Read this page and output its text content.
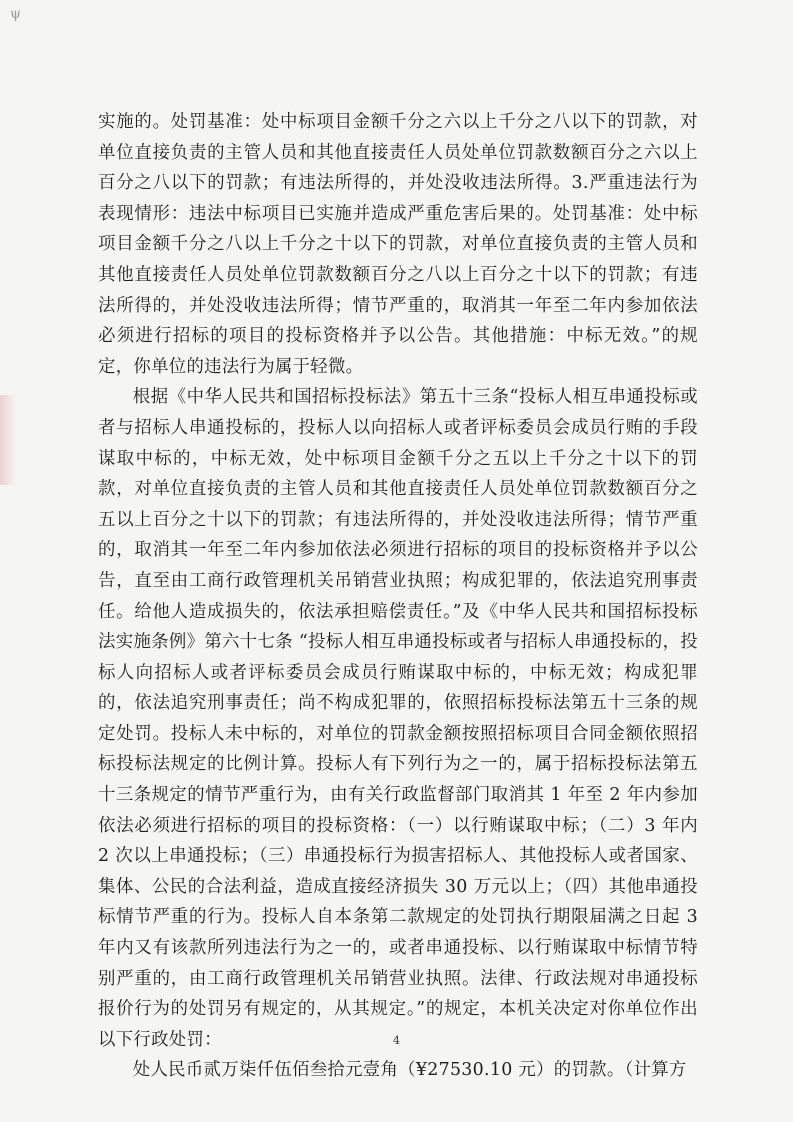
ψ

实施的。处罚基准：处中标项目金额千分之六以上千分之八以下的罚款，对单位直接负责的主管人员和其他直接责任人员处单位罚款数额百分之六以上百分之八以下的罚款；有违法所得的，并处没收违法所得。3.严重违法行为表现情形：违法中标项目已实施并造成严重危害后果的。处罚基准：处中标项目金额千分之八以上千分之十以下的罚款，对单位直接负责的主管人员和其他直接责任人员处单位罚款数额百分之八以上百分之十以下的罚款；有违法所得的，并处没收违法所得；情节严重的，取消其一年至二年内参加依法必须进行招标的项目的投标资格并予以公告。其他措施：中标无效。”的规定，你单位的违法行为属于轻微。

根据《中华人民共和国招标投标法》第五十三条“投标人相互串通投标或者与招标人串通投标的，投标人以向招标人或者评标委员会成员行贿的手段谋取中标的，中标无效，处中标项目金额千分之五以上千分之十以下的罚款，对单位直接负责的主管人员和其他直接责任人员处单位罚款数额百分之五以上百分之十以下的罚款；有违法所得的，并处没收违法所得；情节严重的，取消其一年至二年内参加依法必须进行招标的项目的投标资格并予以公告，直至由工商行政管理机关吊销营业执照；构成犯罪的，依法追究刑事责任。给他人造成损失的，依法承担赔偿责任。”及《中华人民共和国招标投标法实施条例》第六十七条 “投标人相互串通投标或者与招标人串通投标的，投标人向招标人或者评标委员会成员行贿谋取中标的，中标无效；构成犯罪的，依法追究刑事责任；尚不构成犯罪的，依照招标投标法第五十三条的规定处罚。投标人未中标的，对单位的罚款金额按照招标项目合同金额依照招标投标法规定的比例计算。投标人有下列行为之一的，属于招标投标法第五十三条规定的情节严重行为，由有关行政监督部门取消其 1 年至 2 年内参加依法必须进行招标的项目的投标资格：（一）以行贿谋取中标；（二）3 年内 2 次以上串通投标；（三）串通投标行为损害招标人、其他投标人或者国家、集体、公民的合法利益，造成直接经济损失 30 万元以上；（四）其他串通投标情节严重的行为。投标人自本条第二款规定的处罚执行期限届满之日起 3 年内又有该款所列违法行为之一的，或者串通投标、以行贿谋取中标情节特别严重的，由工商行政管理机关吊销营业执照。法律、行政法规对串通投标报价行为的处罚另有规定的，从其规定。”的规定，本机关决定对你单位作出以下行政处罚：

处人民币贰万柒仟伍佰叁拾元壹角（¥27530.10 元）的罚款。（计算方

4
